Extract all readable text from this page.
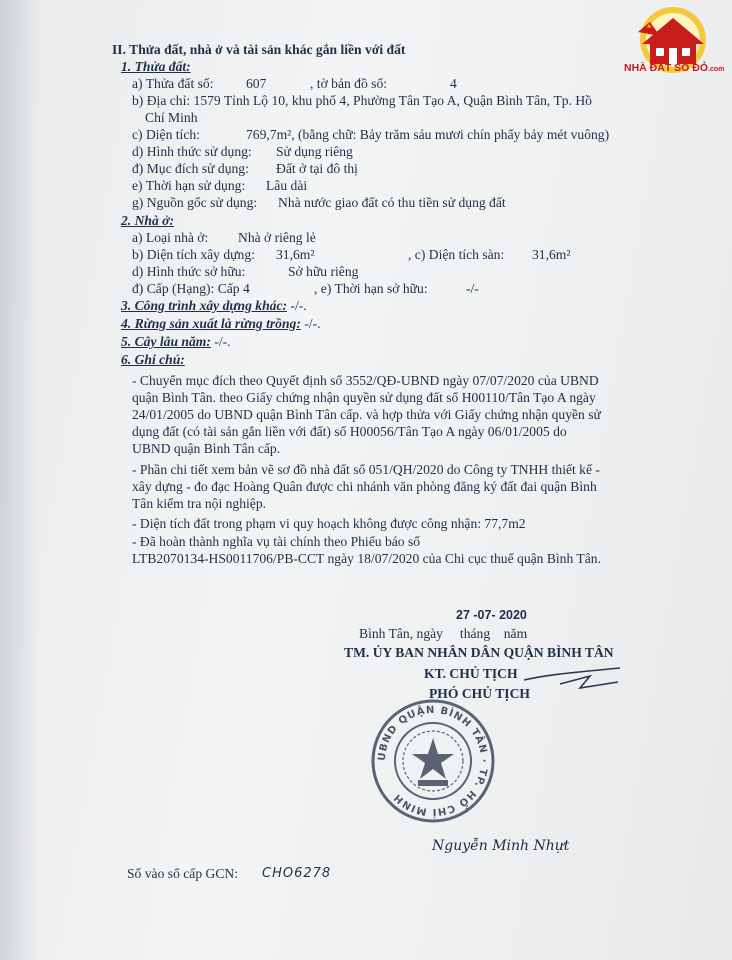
NHÀ ĐẤT SỔ ĐỎ.com
II. Thửa đất, nhà ở và tài sản khác gắn liền với đất
1. Thửa đất:
a) Thửa đất số: 607	, tờ bản đồ số:	4
b) Địa chỉ: 1579 Tỉnh Lộ 10, khu phố 4, Phường Tân Tạo A, Quận Bình Tân, Tp. Hồ
Chí Minh
c) Diện tích:	769,7m², (bằng chữ: Bảy trăm sáu mươi chín phẩy bảy mét vuông)
d) Hình thức sử dụng: Sử dụng riêng
đ) Mục đích sử dụng: Đất ở tại đô thị
e) Thời hạn sử dụng: Lâu dài
g) Nguồn gốc sử dụng: Nhà nước giao đất có thu tiền sử dụng đất
2. Nhà ở:
a) Loại nhà ở: Nhà ở riêng lẻ
b) Diện tích xây dựng: 31,6m²	, c) Diện tích sàn: 31,6m²
d) Hình thức sở hữu:	Sở hữu riêng
đ) Cấp (Hạng): Cấp 4	, e) Thời hạn sở hữu:	-/-
3. Công trình xây dựng khác: -/-.
4. Rừng sản xuất là rừng trồng: -/-.
5. Cây lâu năm: -/-.
6. Ghi chú:
- Chuyển mục đích theo Quyết định số 3552/QĐ-UBND ngày 07/07/2020 của UBND
quận Bình Tân. theo Giấy chứng nhận quyền sử dụng đất số H00110/Tân Tạo A ngày
24/01/2005 do UBND quận Bình Tân cấp. và hợp thửa với Giấy chứng nhận quyền sử
dụng đất (có tài sản gắn liền với đất) số H00056/Tân Tạo A ngày 06/01/2005 do
UBND quận Bình Tân cấp.
- Phần chi tiết xem bản vẽ sơ đồ nhà đất số 051/QH/2020 do Công ty TNHH thiết kế -
xây dựng - đo đạc Hoàng Quân được chi nhánh văn phòng đăng ký đất đai quận Bình
Tân kiểm tra nội nghiệp.
- Diện tích đất trong phạm vi quy hoạch không được công nhận: 77,7m2
- Đã hoàn thành nghĩa vụ tài chính theo Phiếu báo số
LTB2070134-HS0011706/PB-CCT ngày 18/07/2020 của Chi cục thuế quận Bình Tân.
27 -07- 2020
Bình Tân, ngày     tháng    năm
TM. ỦY BAN NHÂN DÂN QUẬN BÌNH TÂN
KT. CHỦ TỊCH
PHÓ CHỦ TỊCH
UBND QUẬN BÌNH TÂN · TP. HỒ CHÍ MINH
Nguyễn Minh Nhựt
Số vào sổ cấp GCN: CHO6278
